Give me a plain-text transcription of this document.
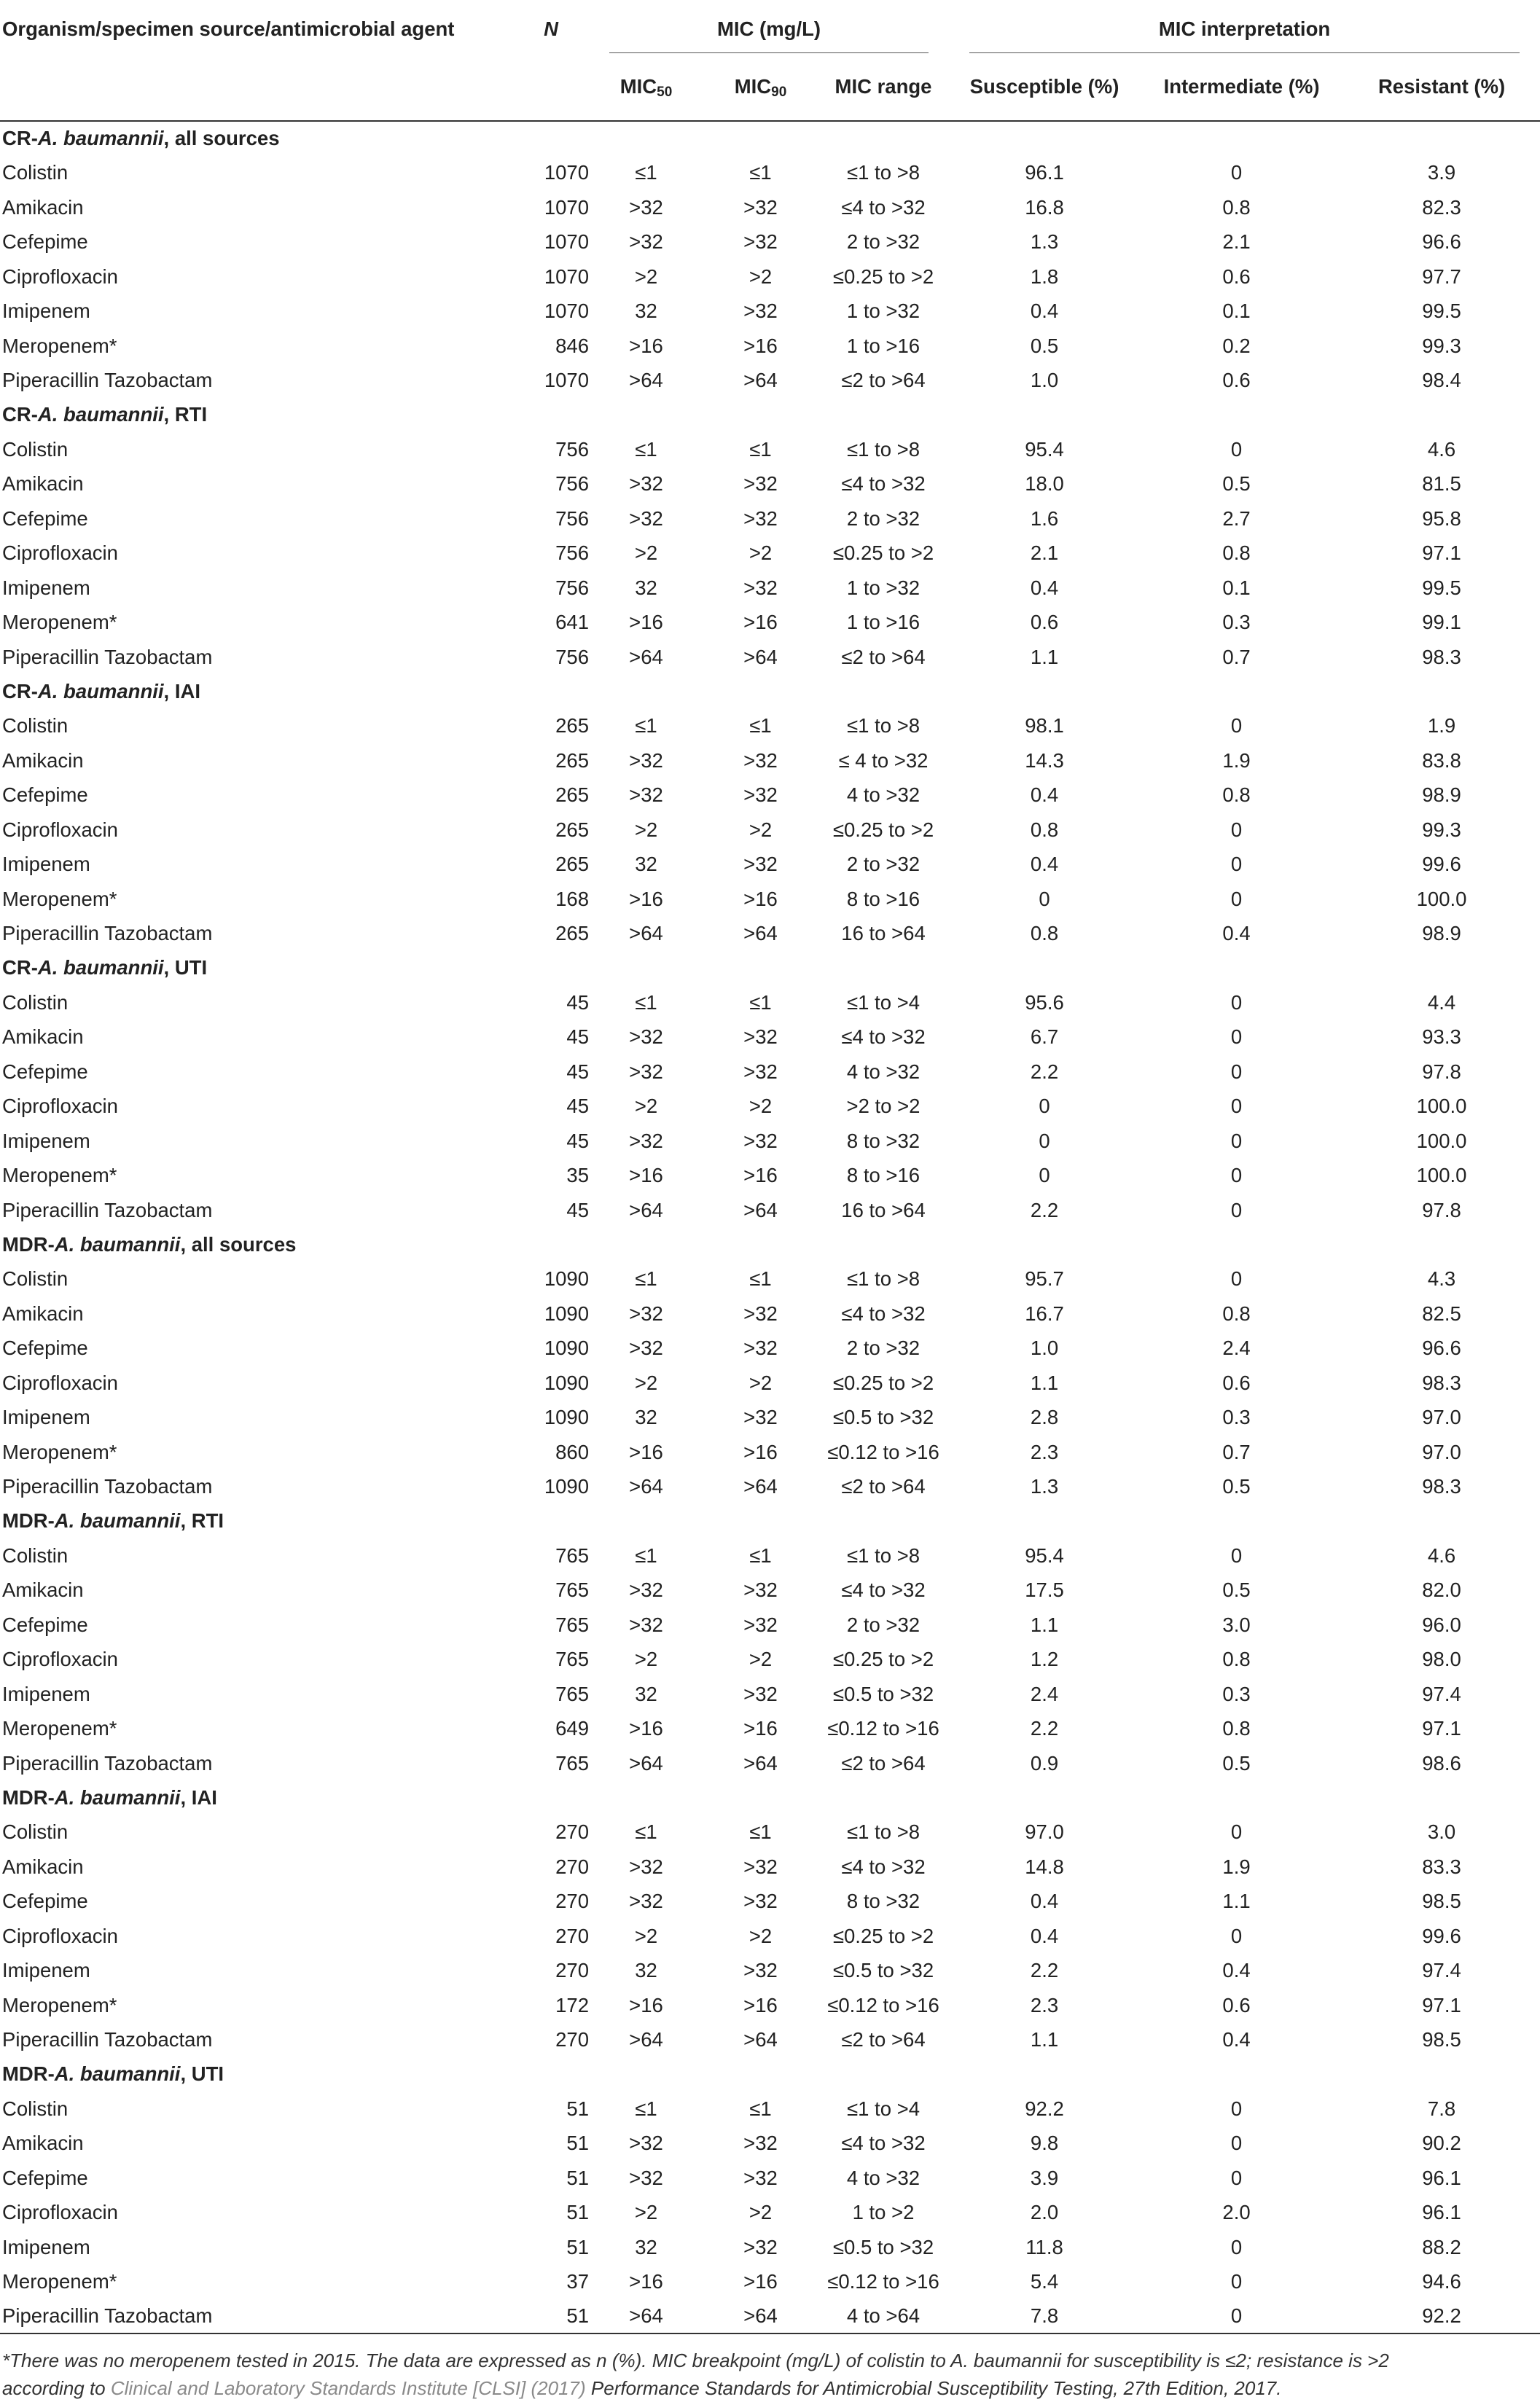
Organism/specimen source/antimicrobial agent	N	MIC (mg/L)			MIC interpretation		

		$MIC_{50}$	$MIC_{90}$	MIC range	Susceptible (%)	Intermediate (%)	Resistant (%)
CR-A. baumannii, all sources							
Colistin	1070	≤1	≤1	≤1 to >8	96.1	0	3.9
Amikacin	1070	>32	>32	≤4 to >32	16.8	0.8	82.3
Cefepime	1070	>32	>32	2 to >32	1.3	2.1	96.6
Ciprofloxacin	1070	>2	>2	≤0.25 to >2	1.8	0.6	97.7
Imipenem	1070	32	>32	1 to >32	0.4	0.1	99.5
Meropenem*	846	>16	>16	1 to >16	0.5	0.2	99.3
Piperacillin Tazobactam	1070	>64	>64	≤2 to >64	1.0	0.6	98.4
CR-A. baumannii, RTI							
Colistin	756	≤1	≤1	≤1 to >8	95.4	0	4.6
Amikacin	756	>32	>32	≤4 to >32	18.0	0.5	81.5
Cefepime	756	>32	>32	2 to >32	1.6	2.7	95.8
Ciprofloxacin	756	>2	>2	≤0.25 to >2	2.1	0.8	97.1
Imipenem	756	32	>32	1 to >32	0.4	0.1	99.5
Meropenem*	641	>16	>16	1 to >16	0.6	0.3	99.1
Piperacillin Tazobactam	756	>64	>64	≤2 to >64	1.1	0.7	98.3
CR-A. baumannii, IAI							
Colistin	265	≤1	≤1	≤1 to >8	98.1	0	1.9
Amikacin	265	>32	>32	≤ 4 to >32	14.3	1.9	83.8
Cefepime	265	>32	>32	4 to >32	0.4	0.8	98.9
Ciprofloxacin	265	>2	>2	≤0.25 to >2	0.8	0	99.3
Imipenem	265	32	>32	2 to >32	0.4	0	99.6
Meropenem*	168	>16	>16	8 to >16	0	0	100.0
Piperacillin Tazobactam	265	>64	>64	16 to >64	0.8	0.4	98.9
CR-A. baumannii, UTI							
Colistin	45	≤1	≤1	≤1 to >4	95.6	0	4.4
Amikacin	45	>32	>32	≤4 to >32	6.7	0	93.3
Cefepime	45	>32	>32	4 to >32	2.2	0	97.8
Ciprofloxacin	45	>2	>2	>2 to >2	0	0	100.0
Imipenem	45	>32	>32	8 to >32	0	0	100.0
Meropenem*	35	>16	>16	8 to >16	0	0	100.0
Piperacillin Tazobactam	45	>64	>64	16 to >64	2.2	0	97.8
MDR-A. baumannii, all sources							
Colistin	1090	≤1	≤1	≤1 to >8	95.7	0	4.3
Amikacin	1090	>32	>32	≤4 to >32	16.7	0.8	82.5
Cefepime	1090	>32	>32	2 to >32	1.0	2.4	96.6
Ciprofloxacin	1090	>2	>2	≤0.25 to >2	1.1	0.6	98.3
Imipenem	1090	32	>32	≤0.5 to >32	2.8	0.3	97.0
Meropenem*	860	>16	>16	≤0.12 to >16	2.3	0.7	97.0
Piperacillin Tazobactam	1090	>64	>64	≤2 to >64	1.3	0.5	98.3
MDR-A. baumannii, RTI							
Colistin	765	≤1	≤1	≤1 to >8	95.4	0	4.6
Amikacin	765	>32	>32	≤4 to >32	17.5	0.5	82.0
Cefepime	765	>32	>32	2 to >32	1.1	3.0	96.0
Ciprofloxacin	765	>2	>2	≤0.25 to >2	1.2	0.8	98.0
Imipenem	765	32	>32	≤0.5 to >32	2.4	0.3	97.4
Meropenem*	649	>16	>16	≤0.12 to >16	2.2	0.8	97.1
Piperacillin Tazobactam	765	>64	>64	≤2 to >64	0.9	0.5	98.6
MDR-A. baumannii, IAI							
Colistin	270	≤1	≤1	≤1 to >8	97.0	0	3.0
Amikacin	270	>32	>32	≤4 to >32	14.8	1.9	83.3
Cefepime	270	>32	>32	8 to >32	0.4	1.1	98.5
Ciprofloxacin	270	>2	>2	≤0.25 to >2	0.4	0	99.6
Imipenem	270	32	>32	≤0.5 to >32	2.2	0.4	97.4
Meropenem*	172	>16	>16	≤0.12 to >16	2.3	0.6	97.1
Piperacillin Tazobactam	270	>64	>64	≤2 to >64	1.1	0.4	98.5
MDR-A. baumannii, UTI							
Colistin	51	≤1	≤1	≤1 to >4	92.2	0	7.8
Amikacin	51	>32	>32	≤4 to >32	9.8	0	90.2
Cefepime	51	>32	>32	4 to >32	3.9	0	96.1
Ciprofloxacin	51	>2	>2	1 to >2	2.0	2.0	96.1
Imipenem	51	32	>32	≤0.5 to >32	11.8	0	88.2
Meropenem*	37	>16	>16	≤0.12 to >16	5.4	0	94.6
Piperacillin Tazobactam	51	>64	>64	4 to >64	7.8	0	92.2
*There was no meropenem tested in 2015. The data are expressed as n (%). MIC breakpoint (mg/L) of colistin to A. baumannii for susceptibility is ≤2; resistance is >2
according to Clinical and Laboratory Standards Institute [CLSI] (2017) Performance Standards for Antimicrobial Susceptibility Testing, 27th Edition, 2017.
